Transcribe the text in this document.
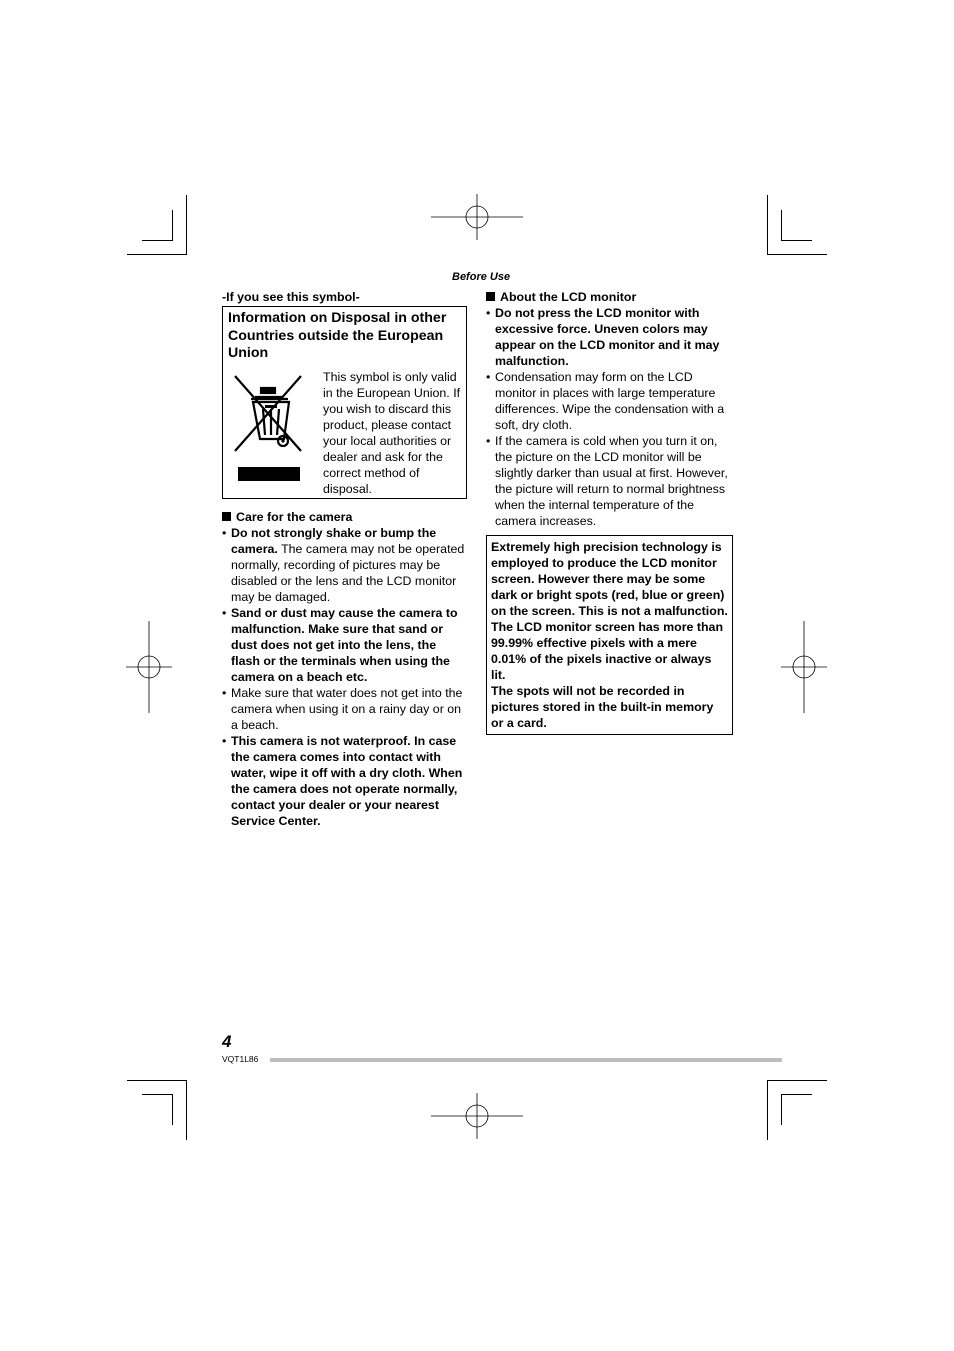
Before Use

-If you see this symbol-

Information on Disposal in other Countries outside the European Union
This symbol is only valid in the European Union. If you wish to discard this product, please contact your local authorities or dealer and ask for the correct method of disposal.

Care for the camera

• Do not strongly shake or bump the camera. The camera may not be operated normally, recording of pictures may be disabled or the lens and the LCD monitor may be damaged.
• Sand or dust may cause the camera to malfunction. Make sure that sand or dust does not get into the lens, the flash or the terminals when using the camera on a beach etc.
• Make sure that water does not get into the camera when using it on a rainy day or on a beach.
• This camera is not waterproof. In case the camera comes into contact with water, wipe it off with a dry cloth. When the camera does not operate normally, contact your dealer or your nearest Service Center.

About the LCD monitor

• Do not press the LCD monitor with excessive force. Uneven colors may appear on the LCD monitor and it may malfunction.
• Condensation may form on the LCD monitor in places with large temperature differences. Wipe the condensation with a soft, dry cloth.
• If the camera is cold when you turn it on, the picture on the LCD monitor will be slightly darker than usual at first. However, the picture will return to normal brightness when the internal temperature of the camera increases.
Extremely high precision technology is employed to produce the LCD monitor screen. However there may be some dark or bright spots (red, blue or green) on the screen. This is not a malfunction. The LCD monitor screen has more than 99.99% effective pixels with a mere 0.01% of the pixels inactive or always lit.
The spots will not be recorded in pictures stored in the built-in memory or a card.
4
VQT1L86
